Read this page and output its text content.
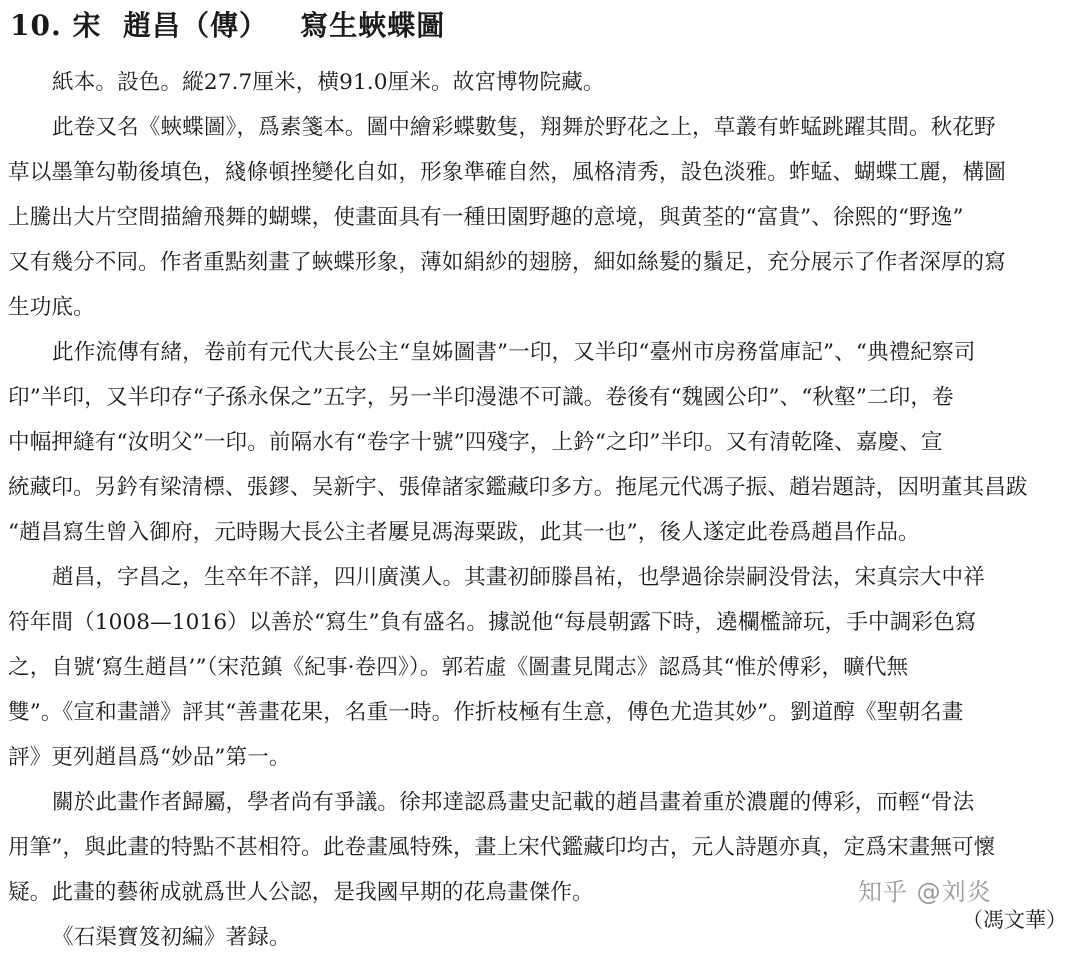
10. 宋  趙昌（傳）   寫生蛺蝶圖
紙本。設色。縱27.7厘米，横91.0厘米。故宮博物院藏。
此卷又名《蛺蝶圖》，爲素箋本。圖中繪彩蝶數隻，翔舞於野花之上，草叢有蚱蜢跳躍其間。秋花野
草以墨筆勾勒後填色，綫條頓挫變化自如，形象準確自然，風格清秀，設色淡雅。蚱蜢、蝴蝶工麗，構圖
上騰出大片空間描繪飛舞的蝴蝶，使畫面具有一種田園野趣的意境，與黄荃的“富貴”、徐熙的“野逸”
又有幾分不同。作者重點刻畫了蛺蝶形象，薄如絹紗的翅膀，細如絲髮的鬚足，充分展示了作者深厚的寫
生功底。
此作流傳有緒，卷前有元代大長公主“皇姊圖書”一印，又半印“臺州市房務當庫記”、“典禮紀察司
印”半印，又半印存“子孫永保之”五字，另一半印漫漶不可識。卷後有“魏國公印”、“秋壑”二印，卷
中幅押縫有“汝明父”一印。前隔水有“卷字十號”四殘字，上鈐“之印”半印。又有清乾隆、嘉慶、宣
統藏印。另鈐有梁清標、張鏐、吴新宇、張偉諸家鑑藏印多方。拖尾元代馮子振、趙岩題詩，因明董其昌跋
“趙昌寫生曾入御府，元時賜大長公主者屢見馮海粟跋，此其一也”，後人遂定此卷爲趙昌作品。
趙昌，字昌之，生卒年不詳，四川廣漢人。其畫初師滕昌祐，也學過徐崇嗣没骨法，宋真宗大中祥
符年間（1008—1016）以善於“寫生”負有盛名。據説他“每晨朝露下時，遶欄檻諦玩，手中調彩色寫
之，自號‘寫生趙昌’”（宋范鎮《紀事·卷四》）。郭若虛《圖畫見聞志》認爲其“惟於傅彩，曠代無
雙”。《宣和畫譜》評其“善畫花果，名重一時。作折枝極有生意，傅色尤造其妙”。劉道醇《聖朝名畫
評》更列趙昌爲“妙品”第一。
關於此畫作者歸屬，學者尚有爭議。徐邦達認爲畫史記載的趙昌畫着重於濃麗的傅彩，而輕“骨法
用筆”，與此畫的特點不甚相符。此卷畫風特殊，畫上宋代鑑藏印均古，元人詩題亦真，定爲宋畫無可懷
疑。此畫的藝術成就爲世人公認，是我國早期的花鳥畫傑作。
《石渠寶笈初編》著録。
知乎 @刘炎
（馮文華）
